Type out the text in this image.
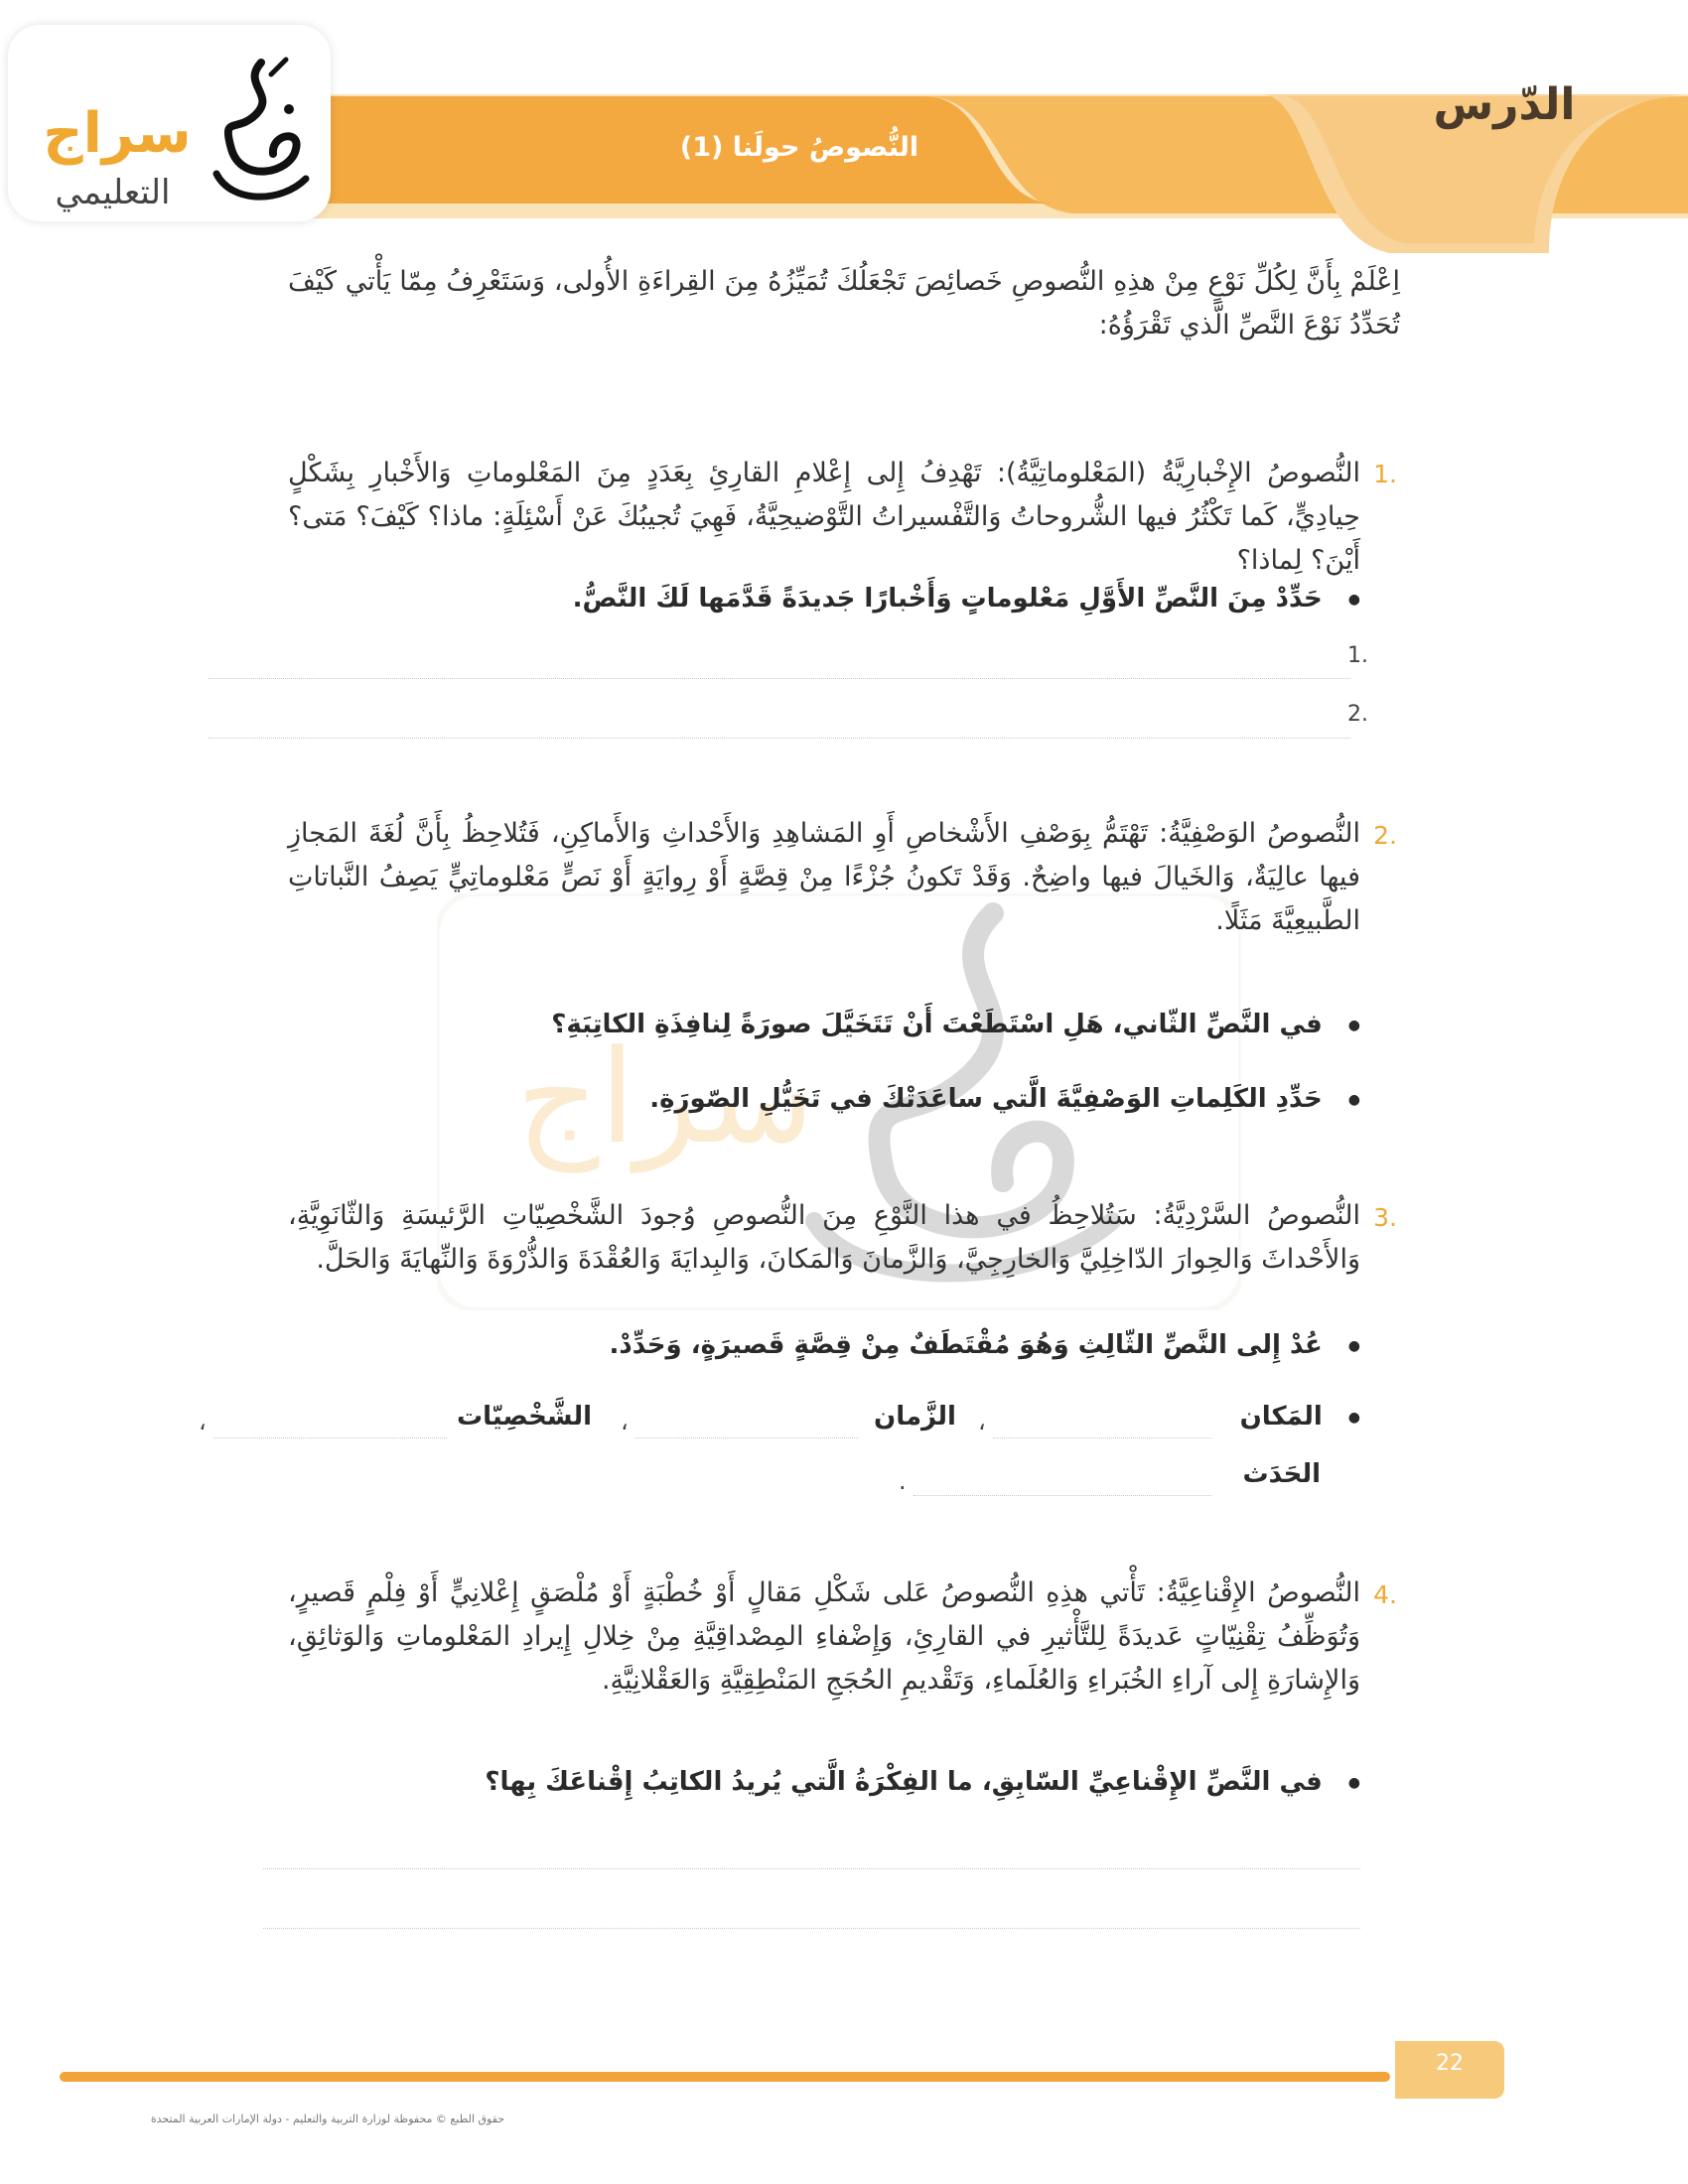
الدّرس
النُّصوصُ حولَنا (1)
سراج
التعليمي
سراج
اِعْلَمْ بِأَنَّ لِكُلِّ نَوْعٍ مِنْ هذِهِ النُّصوصِ خَصائِصَ تَجْعَلُكَ تُمَيِّزُهُ مِنَ القِراءَةِ الأُولى، وَسَتَعْرِفُ مِمّا يَأْتي كَيْفَ تُحَدِّدُ نَوْعَ النَّصِّ الَّذي تَقْرَؤُهُ:
.1
النُّصوصُ الإِخْبارِيَّةُ (المَعْلوماتِيَّةُ): تَهْدِفُ إِلى إِعْلامِ القارِئِ بِعَدَدٍ مِنَ المَعْلوماتِ وَالأَخْبارِ بِشَكْلٍ حِيادِيٍّ، كَما تَكْثُرُ فيها الشُّروحاتُ وَالتَّفْسيراتُ التَّوْضيحِيَّةُ، فَهِيَ تُجيبُكَ عَنْ أَسْئِلَةٍ: ماذا؟ كَيْفَ؟ مَتى؟ أَيْنَ؟ لِماذا؟
● حَدِّدْ مِنَ النَّصِّ الأَوَّلِ مَعْلوماتٍ وَأَخْبارًا جَديدَةً قَدَّمَها لَكَ النَّصُّ.
.1
.2
.2
النُّصوصُ الوَصْفِيَّةُ: تَهْتَمُّ بِوَصْفِ الأَشْخاصِ أَوِ المَشاهِدِ وَالأَحْداثِ وَالأَماكِنِ، فَتُلاحِظُ بِأَنَّ لُغَةَ المَجازِ فيها عالِيَةٌ، وَالخَيالَ فيها واضِحٌ. وَقَدْ تَكونُ جُزْءًا مِنْ قِصَّةٍ أَوْ رِوايَةٍ أَوْ نَصٍّ مَعْلوماتِيٍّ يَصِفُ النَّباتاتِ الطَّبيعِيَّةَ مَثَلًا.
● في النَّصِّ الثّاني، هَلِ اسْتَطَعْتَ أَنْ تَتَخَيَّلَ صورَةً لِنافِذَةِ الكاتِبَةِ؟
● حَدِّدِ الكَلِماتِ الوَصْفِيَّةَ الَّتي ساعَدَتْكَ في تَخَيُّلِ الصّورَةِ.
.3
النُّصوصُ السَّرْدِيَّةُ: سَتُلاحِظُ في هذا النَّوْعِ مِنَ النُّصوصِ وُجودَ الشَّخْصِيّاتِ الرَّئيسَةِ وَالثّانَوِيَّةِ، وَالأَحْداثَ وَالحِوارَ الدّاخِلِيَّ وَالخارِجِيَّ، وَالزَّمانَ وَالمَكانَ، وَالبِدايَةَ وَالعُقْدَةَ وَالذُّرْوَةَ وَالنِّهايَةَ وَالحَلَّ.
● عُدْ إِلى النَّصِّ الثّالِثِ وَهُوَ مُقْتَطَفٌ مِنْ قِصَّةٍ قَصيرَةٍ، وَحَدِّدْ.
● المَكان
،
الزَّمان
،
الشَّخْصِيّات
،
الحَدَث
.
.4
النُّصوصُ الإِقْناعِيَّةُ: تَأْتي هذِهِ النُّصوصُ عَلى شَكْلِ مَقالٍ أَوْ خُطْبَةٍ أَوْ مُلْصَقٍ إِعْلانِيٍّ أَوْ فِلْمٍ قَصيرٍ، وَتُوَظِّفُ تِقْنِيّاتٍ عَديدَةً لِلتَّأْثيرِ في القارِئِ، وَإِضْفاءِ المِصْداقِيَّةِ مِنْ خِلالِ إِيرادِ المَعْلوماتِ وَالوَثائِقِ، وَالإِشارَةِ إِلى آراءِ الخُبَراءِ وَالعُلَماءِ، وَتَقْديمِ الحُجَجِ المَنْطِقِيَّةِ وَالعَقْلانِيَّةِ.
● في النَّصِّ الإِقْناعِيِّ السّابِقِ، ما الفِكْرَةُ الَّتي يُريدُ الكاتِبُ إِقْناعَكَ بِها؟
22
حقوق الطبع © محفوظة لوزارة التربية والتعليم - دولة الإمارات العربية المتحدة
